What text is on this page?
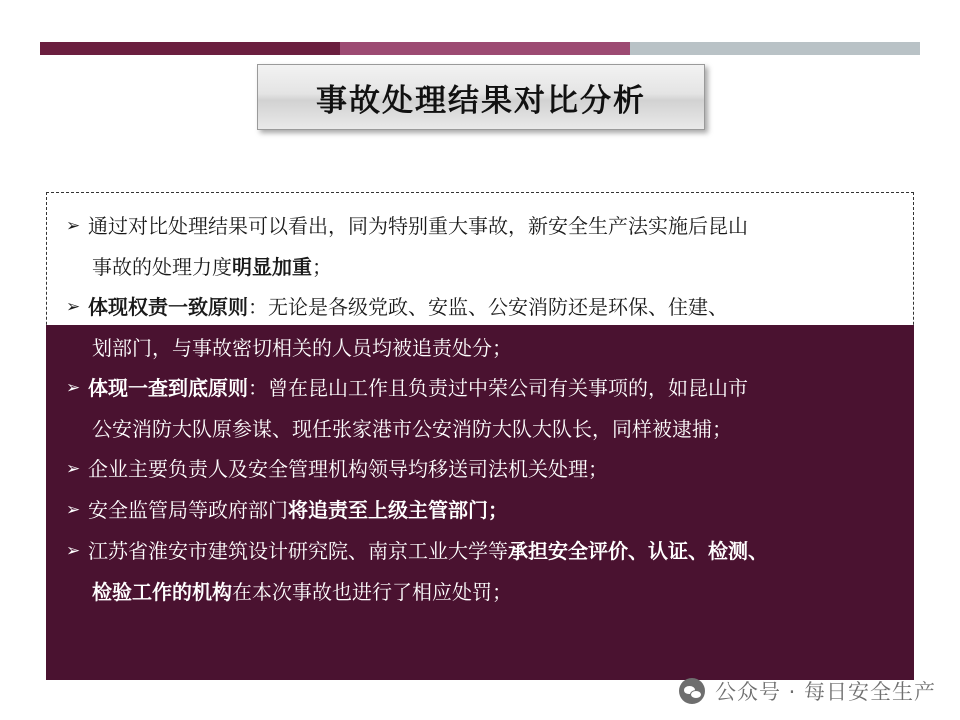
事故处理结果对比分析
➢ 通过对比处理结果可以看出，同为特别重大事故，新安全生产法实施后昆山
事故的处理力度明显加重；
➢ 体现权责一致原则：无论是各级党政、安监、公安消防还是环保、住建、
划部门，与事故密切相关的人员均被追责处分；
➢ 体现一查到底原则：曾在昆山工作且负责过中荣公司有关事项的，如昆山市
公安消防大队原参谋、现任张家港市公安消防大队大队长，同样被逮捕；
➢ 企业主要负责人及安全管理机构领导均移送司法机关处理；
➢ 安全监管局等政府部门将追责至上级主管部门；
➢ 江苏省淮安市建筑设计研究院、南京工业大学等承担安全评价、认证、检测、
检验工作的机构在本次事故也进行了相应处罚；
公众号 · 每日安全生产
